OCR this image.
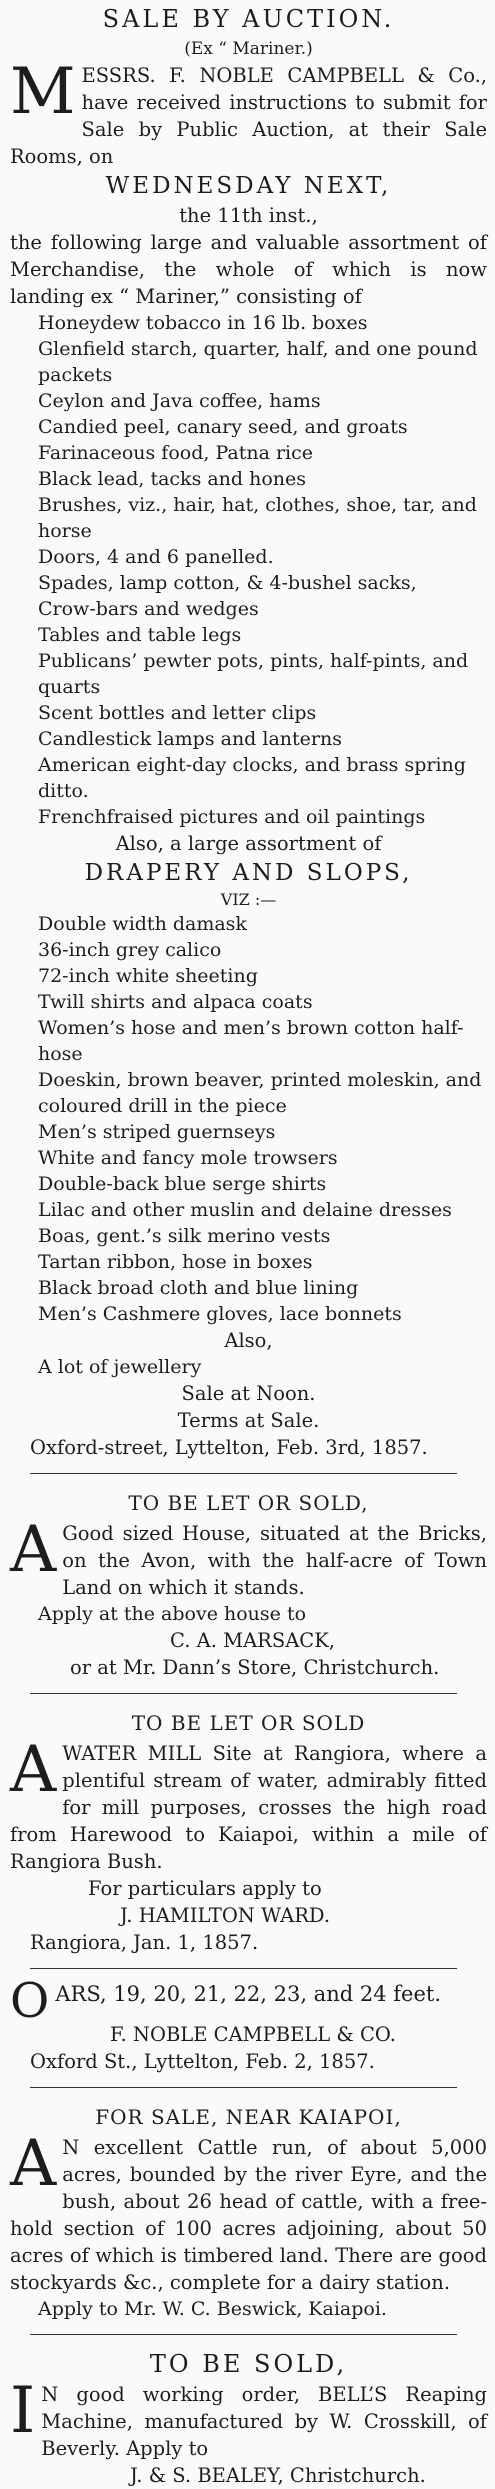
SALE BY AUCTION.
(Ex “ Mariner.)
MESSRS. F. NOBLE CAMPBELL & Co., have received instructions to submit for Sale by Public Auction, at their Sale Rooms, on
WEDNESDAY NEXT,
the 11th inst.,
the following large and valuable assortment of Merchandise, the whole of which is now landing ex “ Mariner,” consisting of
Honeydew tobacco in 16 lb. boxes
Glenfield starch, quarter, half, and one pound packets
Ceylon and Java coffee, hams
Candied peel, canary seed, and groats
Farinaceous food, Patna rice
Black lead, tacks and hones
Brushes, viz., hair, hat, clothes, shoe, tar, and horse
Doors, 4 and 6 panelled.
Spades, lamp cotton, & 4-bushel sacks,
Crow-bars and wedges
Tables and table legs
Publicans’ pewter pots, pints, half-pints, and quarts
Scent bottles and letter clips
Candlestick lamps and lanterns
American eight-day clocks, and brass spring ditto.
Frenchfraised pictures and oil paintings
Also, a large assortment of
DRAPERY AND SLOPS,
VIZ :—
Double width damask
36-inch grey calico
72-inch white sheeting
Twill shirts and alpaca coats
Women’s hose and men’s brown cotton half-hose
Doeskin, brown beaver, printed moleskin, and coloured drill in the piece
Men’s striped guernseys
White and fancy mole trowsers
Double-back blue serge shirts
Lilac and other muslin and delaine dresses
Boas, gent.’s silk merino vests
Tartan ribbon, hose in boxes
Black broad cloth and blue lining
Men’s Cashmere gloves, lace bonnets
Also,
A lot of jewellery
Sale at Noon.
Terms at Sale.
Oxford-street, Lyttelton, Feb. 3rd, 1857.
TO BE LET OR SOLD,
A Good sized House, situated at the Bricks, on the Avon, with the half-acre of Town Land on which it stands.
Apply at the above house to
C. A. MARSACK,
or at Mr. Dann’s Store, Christchurch.
TO BE LET OR SOLD
AWATER MILL Site at Rangiora, where a plentiful stream of water, admirably fitted for mill purposes, crosses the high road from Harewood to Kaiapoi, within a mile of Rangiora Bush.
For particulars apply to
J. HAMILTON WARD.
Rangiora, Jan. 1, 1857.
OARS, 19, 20, 21, 22, 23, and 24 feet.
F. NOBLE CAMPBELL & CO.
Oxford St., Lyttelton, Feb. 2, 1857.
FOR SALE, NEAR KAIAPOI,
A N excellent Cattle run, of about 5,000 acres, bounded by the river Eyre, and the bush, about 26 head of cattle, with a free-hold section of 100 acres adjoining, about 50 acres of which is timbered land. There are good stockyards &c., complete for a dairy station.
Apply to Mr. W. C. Beswick, Kaiapoi.
TO BE SOLD,
I N good working order, BELL’S Reaping Machine, manufactured by W. Crosskill, of Beverly. Apply to
J. & S. BEALEY, Christchurch.
